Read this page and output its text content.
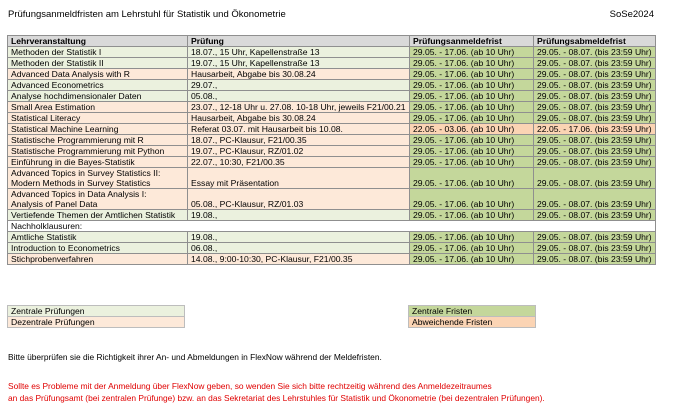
Prüfungsanmeldfristen am Lehrstuhl für Statistik und Ökonometrie	SoSe2024
Lehrveranstaltung	Prüfung	Prüfungsanmeldefrist	Prüfungsabmeldefrist
Methoden der Statistik I	18.07., 15 Uhr, Kapellenstraße 13	29.05. - 17.06. (ab 10 Uhr)	29.05. - 08.07. (bis 23:59 Uhr)
Methoden der Statistik II	19.07., 15 Uhr, Kapellenstraße 13	29.05. - 17.06. (ab 10 Uhr)	29.05. - 08.07. (bis 23:59 Uhr)
Advanced Data Analysis with R	Hausarbeit, Abgabe bis 30.08.24	29.05. - 17.06. (ab 10 Uhr)	29.05. - 08.07. (bis 23:59 Uhr)
Advanced Econometrics	29.07.,	29.05. - 17.06. (ab 10 Uhr)	29.05. - 08.07. (bis 23:59 Uhr)
Analyse hochdimensionaler Daten	05.08.,	29.05. - 17.06. (ab 10 Uhr)	29.05. - 08.07. (bis 23:59 Uhr)
Small Area Estimation	23.07., 12-18 Uhr u. 27.08. 10-18 Uhr, jeweils F21/00.21	29.05. - 17.06. (ab 10 Uhr)	29.05. - 08.07. (bis 23:59 Uhr)
Statistical Literacy	Hausarbeit, Abgabe bis 30.08.24	29.05. - 17.06. (ab 10 Uhr)	29.05. - 08.07. (bis 23:59 Uhr)
Statistical Machine Learning	Referat 03.07. mit Hausarbeit bis 10.08.	22.05. - 03.06. (ab 10 Uhr)	22.05. - 17.06. (bis 23:59 Uhr)
Statistische Programmierung mit R	18.07., PC-Klausur, F21/00.35	29.05. - 17.06. (ab 10 Uhr)	29.05. - 08.07. (bis 23:59 Uhr)
Statistische Programmierung mit Python	19.07., PC-Klausur, RZ/01.02	29.05. - 17.06. (ab 10 Uhr)	29.05. - 08.07. (bis 23:59 Uhr)
Einführung in die Bayes-Statistik	22.07., 10:30, F21/00.35	29.05. - 17.06. (ab 10 Uhr)	29.05. - 08.07. (bis 23:59 Uhr)

Advanced Topics in Survey Statistics II:
Modern Methods in Survey Statistics	Essay mit Präsentation	29.05. - 17.06. (ab 10 Uhr)	29.05. - 08.07. (bis 23:59 Uhr)

Advanced Topics in Data Analysis I:
Analysis of Panel Data	05.08., PC-Klausur, RZ/01.03	29.05. - 17.06. (ab 10 Uhr)	29.05. - 08.07. (bis 23:59 Uhr)
Vertiefende Themen der Amtlichen Statistik	19.08.,	29.05. - 17.06. (ab 10 Uhr)	29.05. - 08.07. (bis 23:59 Uhr)
Nachholklausuren:			
Amtliche Statistik	19.08.,	29.05. - 17.06. (ab 10 Uhr)	29.05. - 08.07. (bis 23:59 Uhr)
Introduction to Econometrics	06.08.,	29.05. - 17.06. (ab 10 Uhr)	29.05. - 08.07. (bis 23:59 Uhr)
Stichprobenverfahren	14.08., 9:00-10:30, PC-Klausur, F21/00.35	29.05. - 17.06. (ab 10 Uhr)	29.05. - 08.07. (bis 23:59 Uhr)
Zentrale Prüfungen
Dezentrale Prüfungen
Zentrale Fristen
Abweichende Fristen
Bitte überprüfen sie die Richtigkeit ihrer An- und Abmeldungen in FlexNow während der Meldefristen.
Sollte es Probleme mit der Anmeldung über FlexNow geben, so wenden Sie sich bitte rechtzeitig während des Anmeldezeitraumes
an das Prüfungsamt (bei zentralen Prüfunge) bzw. an das Sekretariat des Lehrstuhles für Statistik und Ökonometrie (bei dezentralen Prüfungen).
